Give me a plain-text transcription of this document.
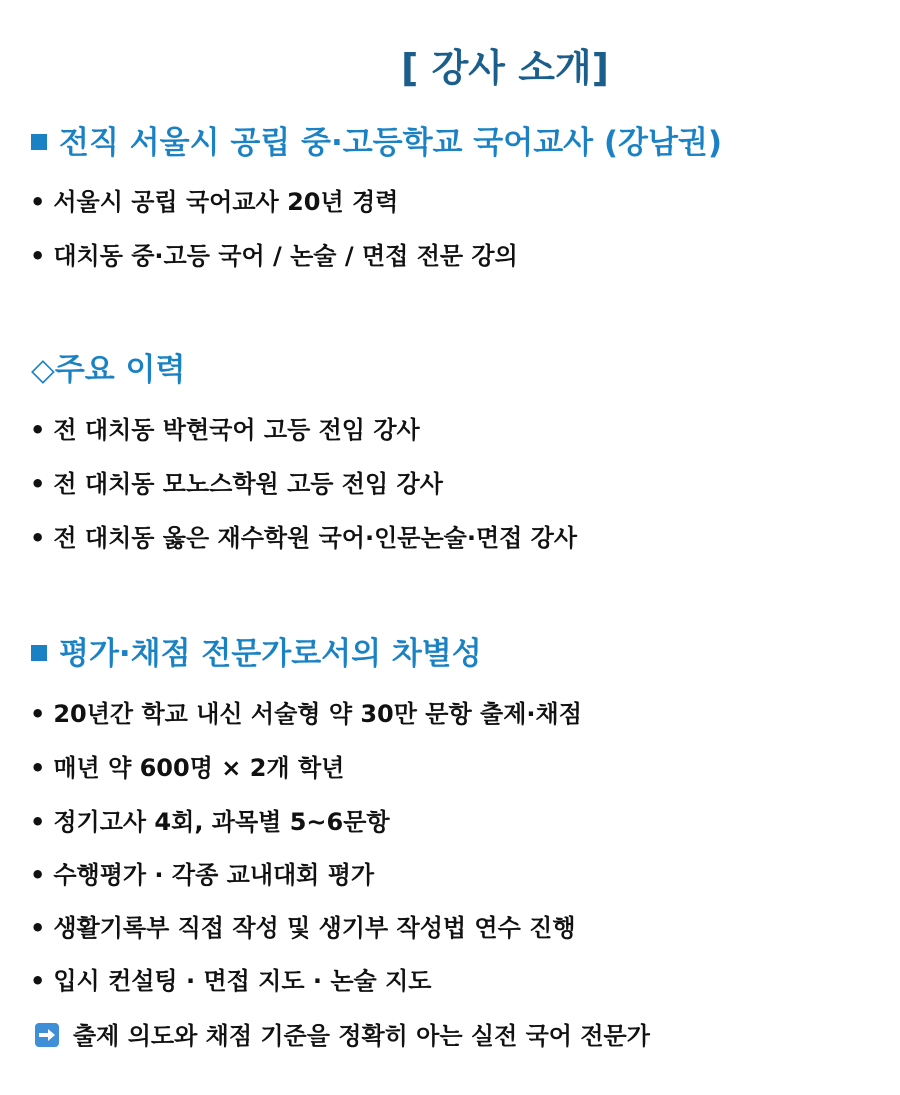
[ 강사 소개]
전직 서울시 공립 중·고등학교 국어교사 (강남권)
• 서울시 공립 국어교사 20년 경력
• 대치동 중·고등 국어 / 논술 / 면접 전문 강의
◇주요 이력
• 전 대치동 박현국어 고등 전임 강사
• 전 대치동 모노스학원 고등 전임 강사
• 전 대치동 옳은 재수학원 국어·인문논술·면접 강사
평가·채점 전문가로서의 차별성
• 20년간 학교 내신 서술형 약 30만 문항 출제·채점
• 매년 약 600명 × 2개 학년
• 정기고사 4회, 과목별 5~6문항
• 수행평가 · 각종 교내대회 평가
• 생활기록부 직접 작성 및 생기부 작성법 연수 진행
• 입시 컨설팅 · 면접 지도 · 논술 지도
출제 의도와 채점 기준을 정확히 아는 실전 국어 전문가
